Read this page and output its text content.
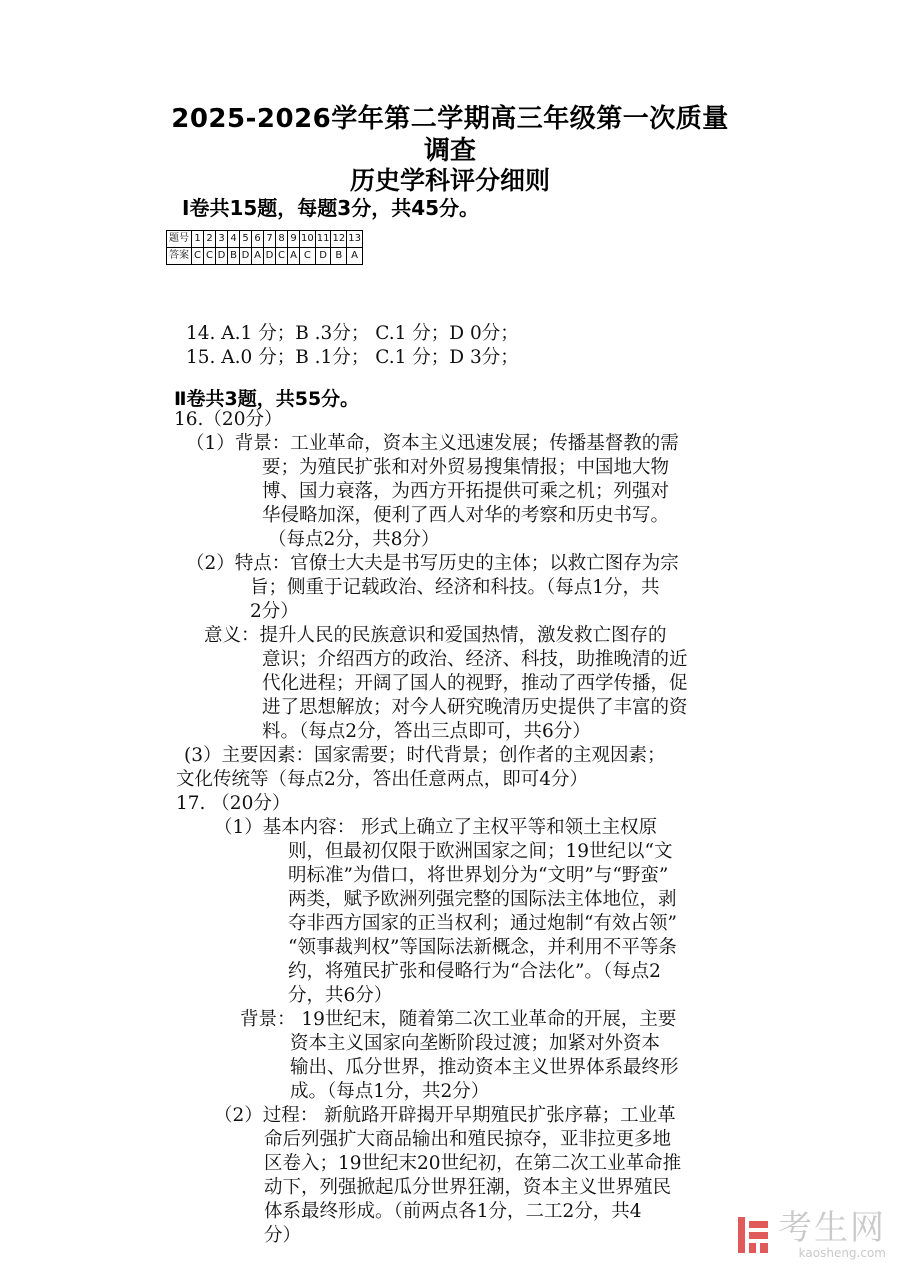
2025-2026学年第二学期高三年级第一次质量
调查
历史学科评分细则

Ⅰ卷共15题，每题3分，共45分。

题号	1	2	3	4	5	6	7	8	9	10	11	12	13
答案	C	C	D	B	D	A	D	C	A	C	D	B	A

14. A.1 分；B .3分； C.1 分；D 0分；

15. A.0 分；B .1分； C.1 分；D 3分；

Ⅱ卷共3题，共55分。

16.（20分）

（1）背景：工业革命，资本主义迅速发展；传播基督教的需

要；为殖民扩张和对外贸易搜集情报；中国地大物

博、国力衰落，为西方开拓提供可乘之机；列强对

华侵略加深，便利了西人对华的考察和历史书写。

（每点2分，共8分）

（2）特点：官僚士大夫是书写历史的主体；以救亡图存为宗

旨；侧重于记载政治、经济和科技。（每点1分，共

2分）

意义：提升人民的民族意识和爱国热情，激发救亡图存的

意识；介绍西方的政治、经济、科技，助推晚清的近

代化进程；开阔了国人的视野，推动了西学传播，促

进了思想解放；对今人研究晚清历史提供了丰富的资

料。（每点2分，答出三点即可，共6分）

(3）主要因素：国家需要；时代背景；创作者的主观因素；

文化传统等（每点2分，答出任意两点，即可4分）

17. （20分）

（1）基本内容： 形式上确立了主权平等和领土主权原

则，但最初仅限于欧洲国家之间；19世纪以“文

明标准”为借口，将世界划分为“文明”与“野蛮”

两类，赋予欧洲列强完整的国际法主体地位，剥

夺非西方国家的正当权利；通过炮制“有效占领”

“领事裁判权”等国际法新概念，并利用不平等条

约，将殖民扩张和侵略行为“合法化”。（每点2

分，共6分）

背景： 19世纪末，随着第二次工业革命的开展，主要

资本主义国家向垄断阶段过渡；加紧对外资本

输出、瓜分世界，推动资本主义世界体系最终形

成。（每点1分，共2分）

（2）过程： 新航路开辟揭开早期殖民扩张序幕；工业革

命后列强扩大商品输出和殖民掠夺，亚非拉更多地

区卷入；19世纪末20世纪初，在第二次工业革命推

动下，列强掀起瓜分世界狂潮，资本主义世界殖民

体系最终形成。（前两点各1分，二工2分，共4

分）	考生网
kaosheng.com
